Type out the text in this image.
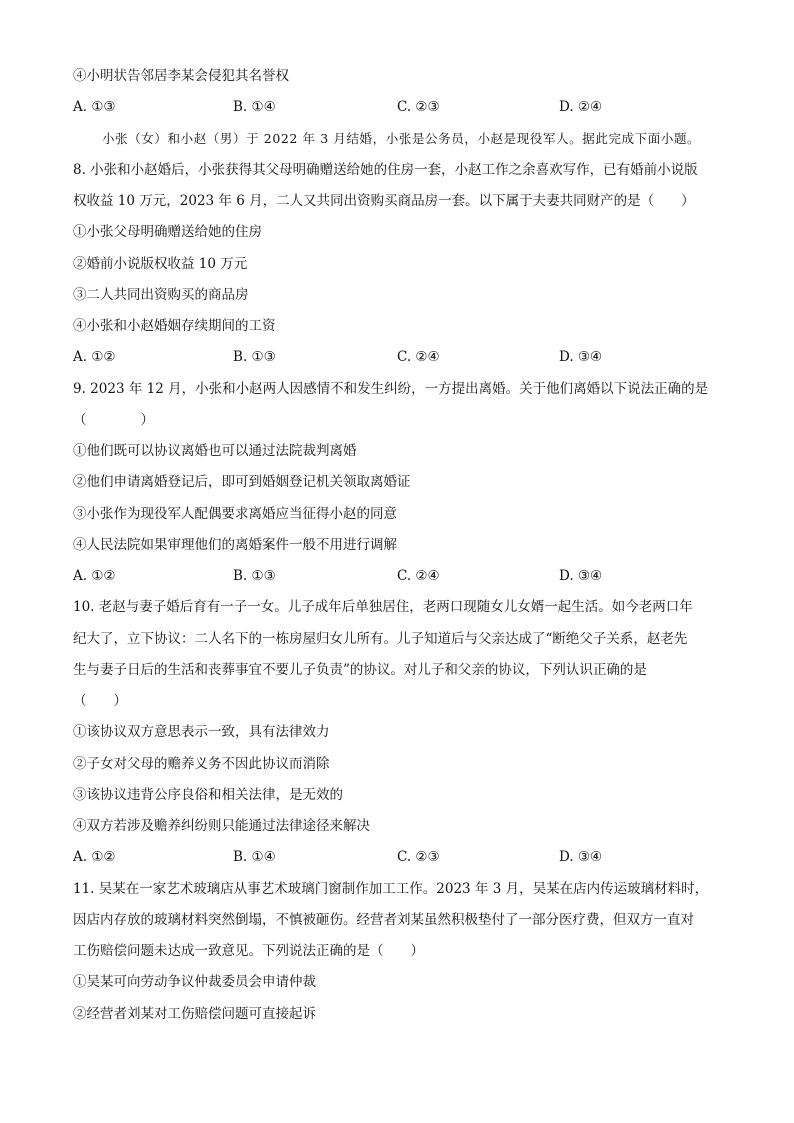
④小明状告邻居李某会侵犯其名誉权
A. ①③	B. ①④	C. ②③	D. ②④
小张（女）和小赵（男）于 2022 年 3 月结婚，小张是公务员，小赵是现役军人。据此完成下面小题。
8. 小张和小赵婚后，小张获得其父母明确赠送给她的住房一套，小赵工作之余喜欢写作，已有婚前小说版
权收益 10 万元，2023 年 6 月，二人又共同出资购买商品房一套。以下属于夫妻共同财产的是（　　）
①小张父母明确赠送给她的住房
②婚前小说版权收益 10 万元
③二人共同出资购买的商品房
④小张和小赵婚姻存续期间的工资
A. ①②	B. ①③	C. ②④	D. ③④
9. 2023 年 12 月，小张和小赵两人因感情不和发生纠纷，一方提出离婚。关于他们离婚以下说法正确的是
（　　　　）
①他们既可以协议离婚也可以通过法院裁判离婚
②他们申请离婚登记后，即可到婚姻登记机关领取离婚证
③小张作为现役军人配偶要求离婚应当征得小赵的同意
④人民法院如果审理他们的离婚案件一般不用进行调解
A. ①②	B. ①③	C. ②④	D. ③④
10. 老赵与妻子婚后育有一子一女。儿子成年后单独居住，老两口现随女儿女婿一起生活。如今老两口年
纪大了，立下协议：二人名下的一栋房屋归女儿所有。儿子知道后与父亲达成了“断绝父子关系，赵老先
生与妻子日后的生活和丧葬事宜不要儿子负责”的协议。对儿子和父亲的协议，下列认识正确的是
（　　）
①该协议双方意思表示一致，具有法律效力
②子女对父母的赡养义务不因此协议而消除
③该协议违背公序良俗和相关法律，是无效的
④双方若涉及赡养纠纷则只能通过法律途径来解决
A. ①②	B. ①④	C. ②③	D. ③④
11. 吴某在一家艺术玻璃店从事艺术玻璃门窗制作加工工作。2023 年 3 月，吴某在店内传运玻璃材料时，
因店内存放的玻璃材料突然倒塌，不慎被砸伤。经营者刘某虽然积极垫付了一部分医疗费，但双方一直对
工伤赔偿问题未达成一致意见。下列说法正确的是（　　）
①吴某可向劳动争议仲裁委员会申请仲裁
②经营者刘某对工伤赔偿问题可直接起诉
